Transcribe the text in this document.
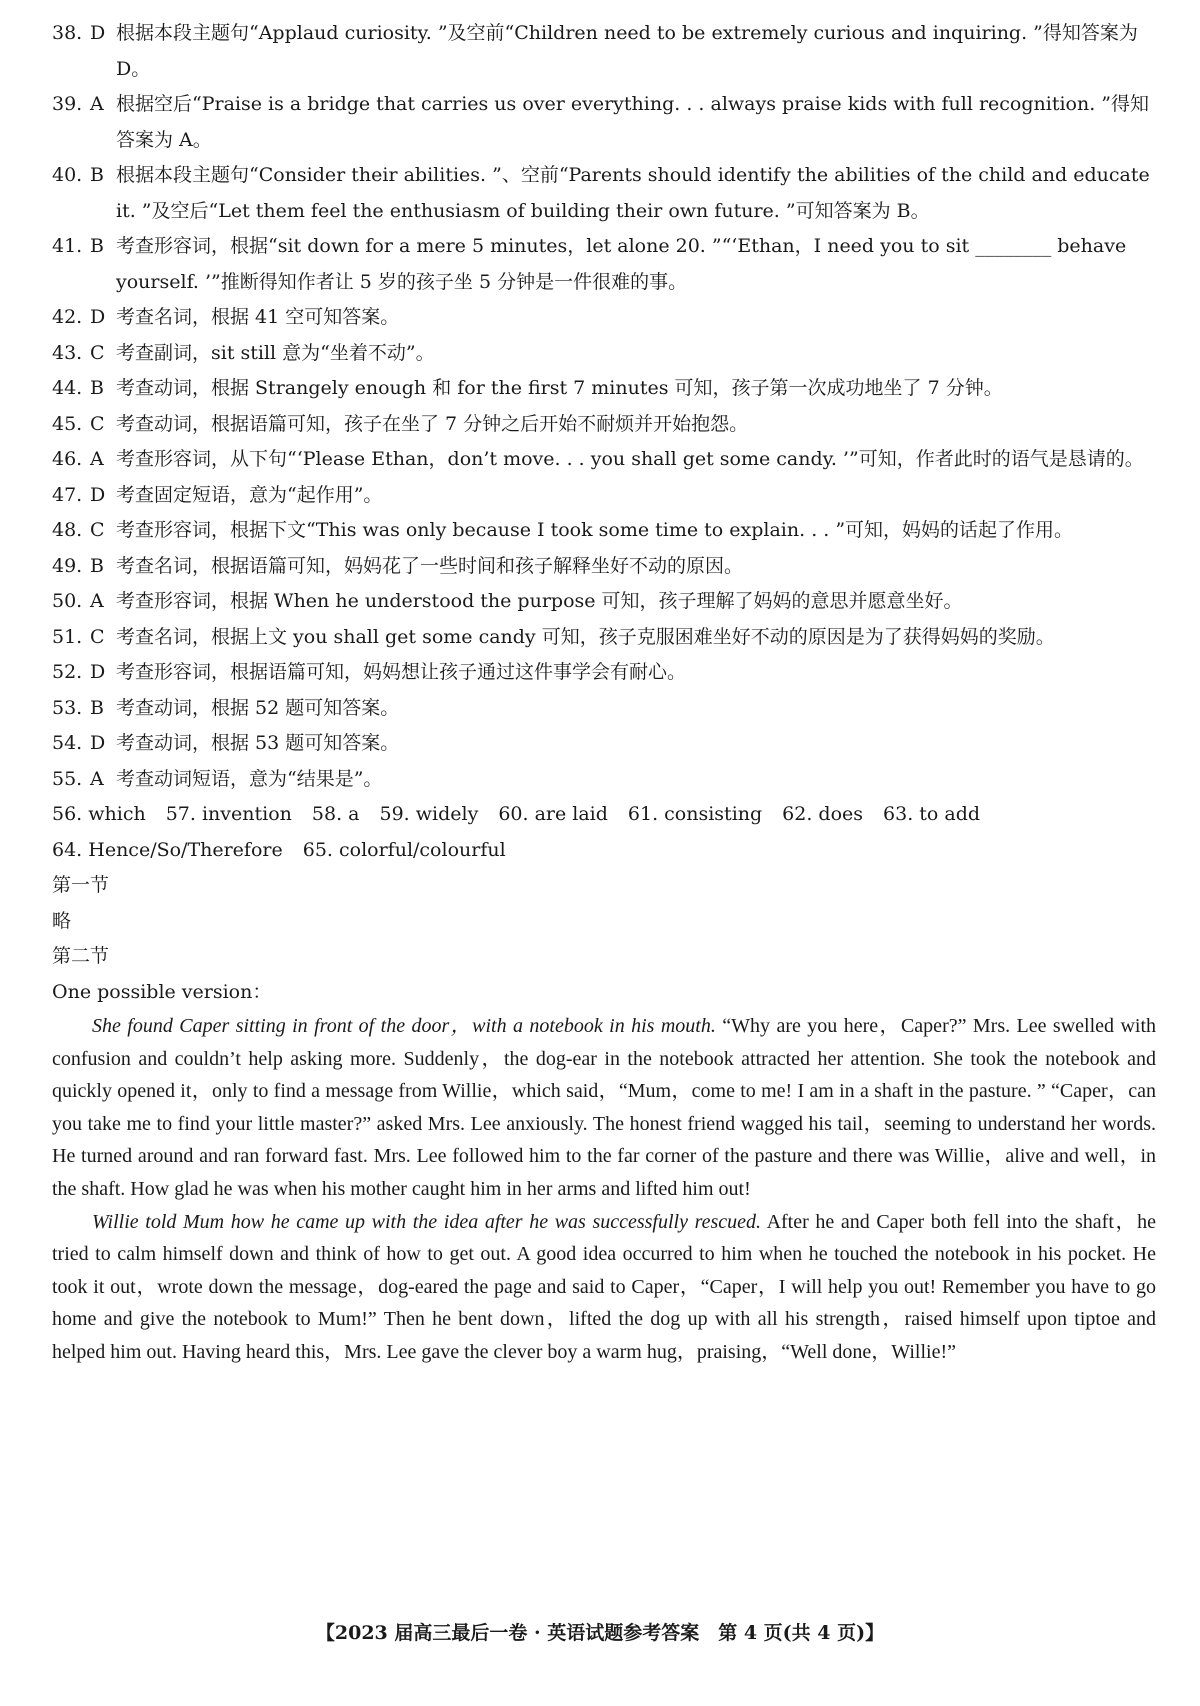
38. D 根据本段主题句“Applaud curiosity. ”及空前“Children need to be extremely curious and inquiring. ”得知答案为 D。
39. A 根据空后“Praise is a bridge that carries us over everything. . . always praise kids with full recognition. ”得知答案为 A。
40. B 根据本段主题句“Consider their abilities. ”、空前“Parents should identify the abilities of the child and educate it. ”及空后“Let them feel the enthusiasm of building their own future. ”可知答案为 B。
41. B 考查形容词，根据“sit down for a mere 5 minutes，let alone 20. ”“‘Ethan，I need you to sit ________ behave yourself. ’”推断得知作者让 5 岁的孩子坐 5 分钟是一件很难的事。
42. D 考查名词，根据 41 空可知答案。
43. C 考查副词，sit still 意为“坐着不动”。
44. B 考查动词，根据 Strangely enough 和 for the first 7 minutes 可知，孩子第一次成功地坐了 7 分钟。
45. C 考查动词，根据语篇可知，孩子在坐了 7 分钟之后开始不耐烦并开始抱怨。
46. A 考查形容词，从下句“‘Please Ethan，don’t move. . . you shall get some candy. ’”可知，作者此时的语气是恳请的。
47. D 考查固定短语，意为“起作用”。
48. C 考查形容词，根据下文“This was only because I took some time to explain. . . ”可知，妈妈的话起了作用。
49. B 考查名词，根据语篇可知，妈妈花了一些时间和孩子解释坐好不动的原因。
50. A 考查形容词，根据 When he understood the purpose 可知，孩子理解了妈妈的意思并愿意坐好。
51. C 考查名词，根据上文 you shall get some candy 可知，孩子克服困难坐好不动的原因是为了获得妈妈的奖励。
52. D 考查形容词，根据语篇可知，妈妈想让孩子通过这件事学会有耐心。
53. B 考查动词，根据 52 题可知答案。
54. D 考查动词，根据 53 题可知答案。
55. A 考查动词短语，意为“结果是”。
56. which 57. invention 58. a 59. widely 60. are laid 61. consisting 62. does 63. to add
64. Hence/So/Therefore 65. colorful/colourful
第一节
略
第二节
One possible version：

She found Caper sitting in front of the door，with a notebook in his mouth. “Why are you here，Caper?” Mrs. Lee swelled with confusion and couldn’t help asking more. Suddenly，the dog-ear in the notebook attracted her attention. She took the notebook and quickly opened it，only to find a message from Willie，which said，“Mum，come to me! I am in a shaft in the pasture. ” “Caper，can you take me to find your little master?” asked Mrs. Lee anxiously. The honest friend wagged his tail，seeming to understand her words. He turned around and ran forward fast. Mrs. Lee followed him to the far corner of the pasture and there was Willie，alive and well，in the shaft. How glad he was when his mother caught him in her arms and lifted him out!

Willie told Mum how he came up with the idea after he was successfully rescued. After he and Caper both fell into the shaft，he tried to calm himself down and think of how to get out. A good idea occurred to him when he touched the notebook in his pocket. He took it out，wrote down the message，dog-eared the page and said to Caper，“Caper，I will help you out! Remember you have to go home and give the notebook to Mum!” Then he bent down，lifted the dog up with all his strength，raised himself upon tiptoe and helped him out. Having heard this，Mrs. Lee gave the clever boy a warm hug，praising，“Well done，Willie!”

【2023 届高三最后一卷 · 英语试题参考答案　第 4 页(共 4 页)】
